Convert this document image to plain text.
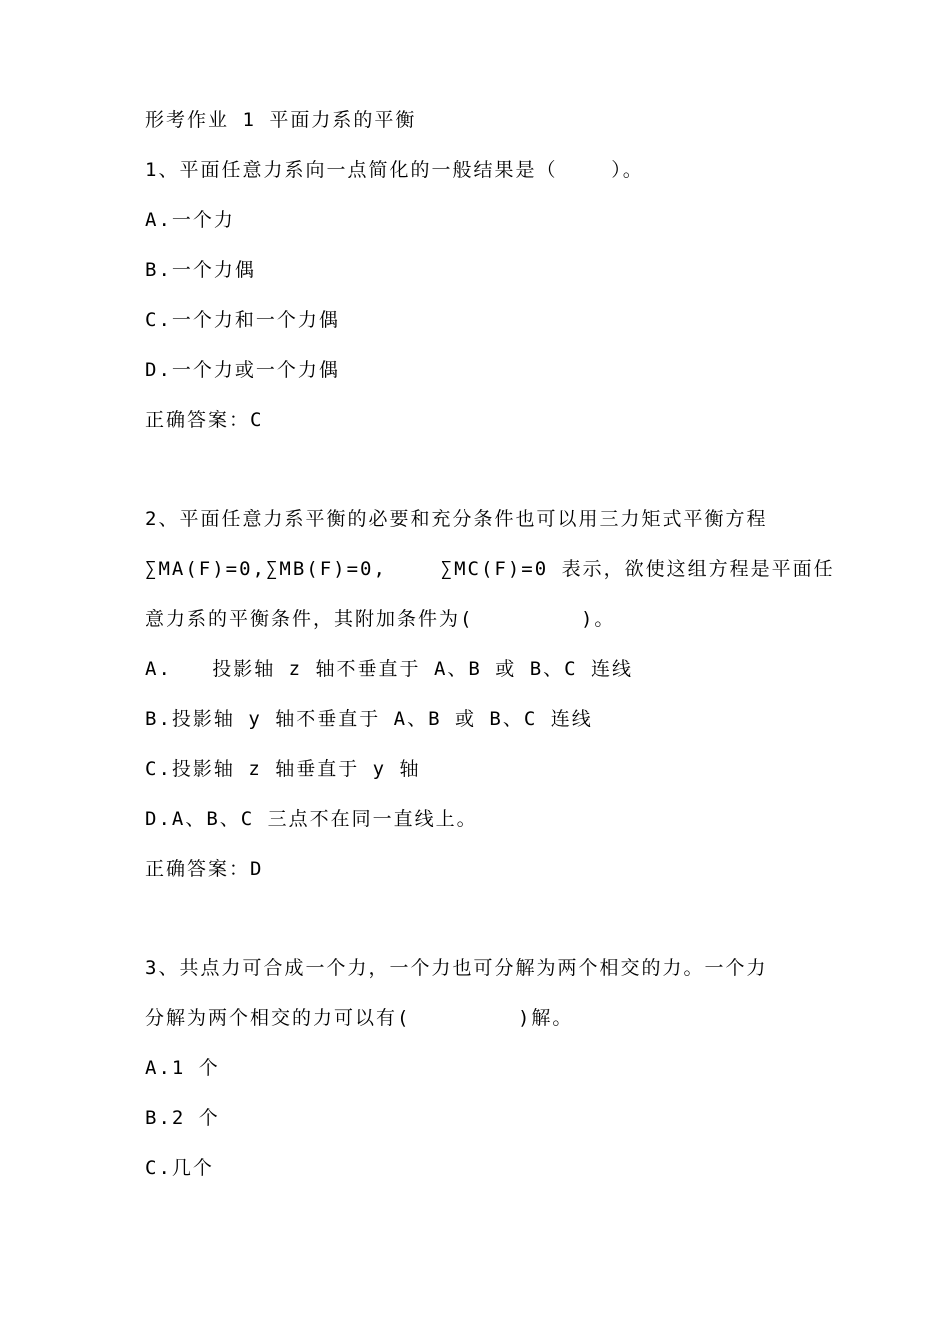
形考作业 1 平面力系的平衡
1、平面任意力系向一点简化的一般结果是（    ）。
A.一个力
B.一个力偶
C.一个力和一个力偶
D.一个力或一个力偶
正确答案：C
2、平面任意力系平衡的必要和充分条件也可以用三力矩式平衡方程
∑MA(F)=0,∑MB(F)=0,    ∑MC(F)=0 表示，欲使这组方程是平面任
意力系的平衡条件，其附加条件为(        )。
A.   投影轴 z 轴不垂直于 A、B 或 B、C 连线
B.投影轴 y 轴不垂直于 A、B 或 B、C 连线
C.投影轴 z 轴垂直于 y 轴
D.A、B、C 三点不在同一直线上。
正确答案：D
3、共点力可合成一个力，一个力也可分解为两个相交的力。一个力
分解为两个相交的力可以有(        )解。
A.1 个
B.2 个
C.几个
